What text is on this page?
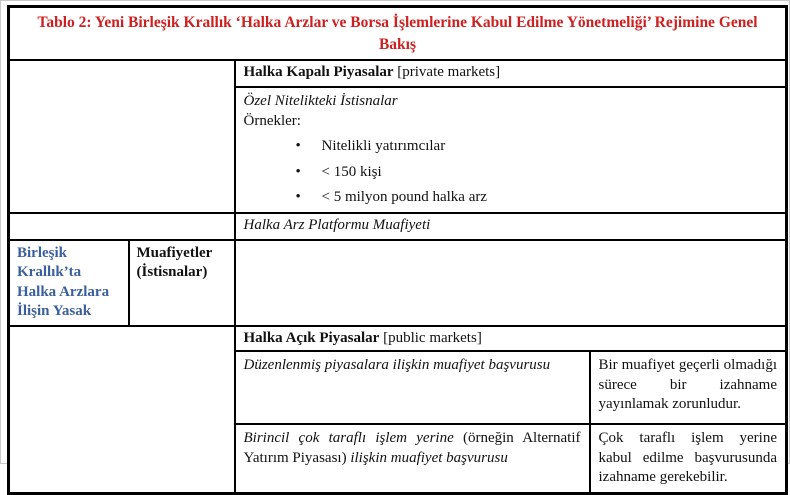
Tablo 2: Yeni Birleşik Krallık ‘Halka Arzlar ve Borsa İşlemlerine Kabul Edilme Yönetmeliği’ Rejimine Genel Bakış			
		Halka Kapalı Piyasalar [private markets]	

Özel Nitelikteki İstisnalar
Örnekler:
•	Nitelikli yatırımcılar
•	< 150 kişi
•	< 5 milyon pound halka arz

		Halka Arz Platformu Muafiyeti	
Birleşik Krallık’ta Halka Arzlara İlişin Yasak	Muafiyetler
(İstisnalar)		

		Halka Açık Piyasalar [public markets]	
		Düzenlenmiş piyasalara ilişkin muafiyet başvurusu	Bir muafiyet geçerli olmadığı sürece bir izahname yayınlamak zorunludur.
		Birincil çok taraflı işlem yerine (örneğin Alternatif Yatırım Piyasası) ilişkin muafiyet başvurusu	Çok taraflı işlem yerine kabul edilme başvurusunda izahname gerekebilir.
